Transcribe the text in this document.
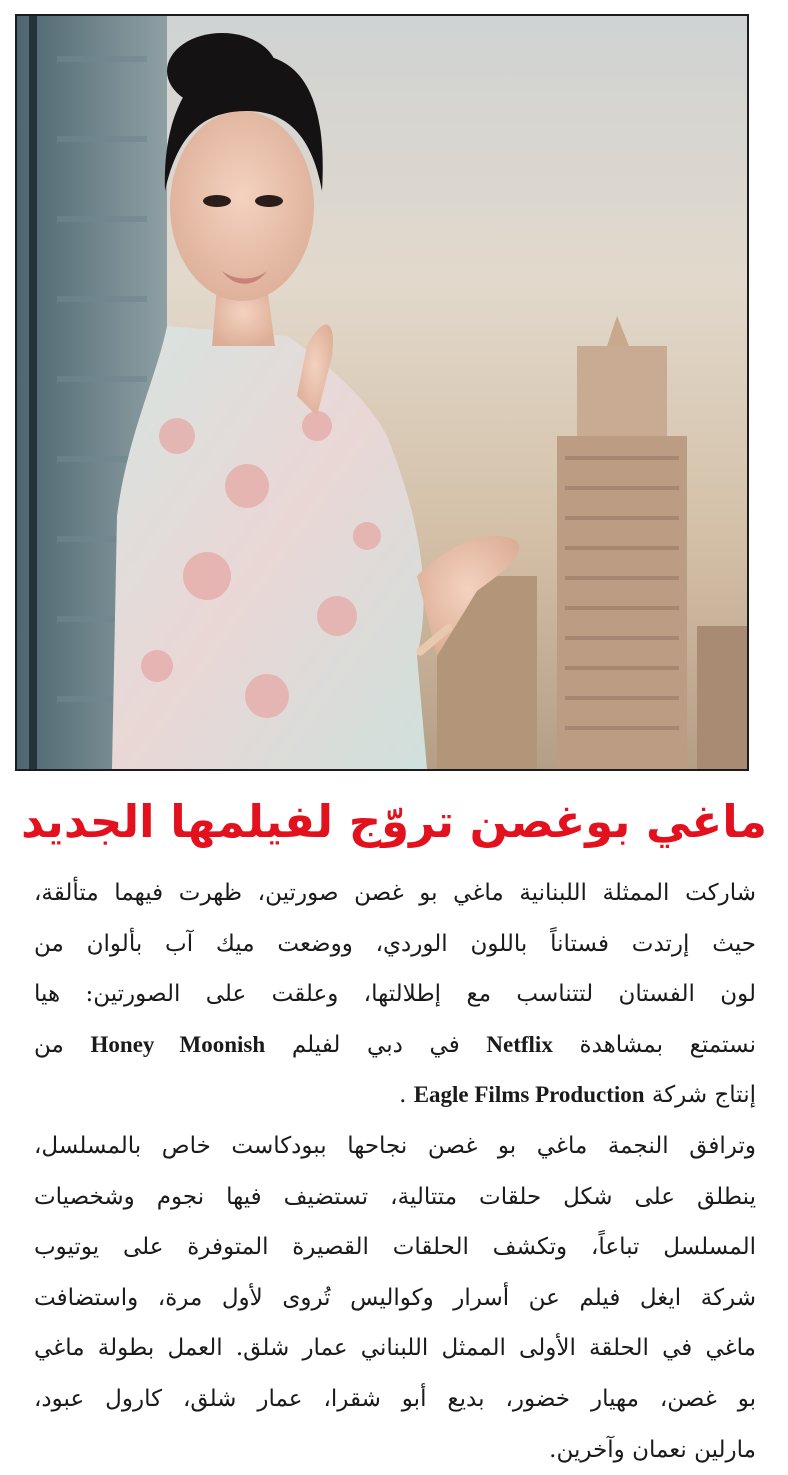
ماغي بوغصن تروّج لفيلمها الجديد

شاركت الممثلة اللبنانية ماغي بو غصن صورتين، ظهرت فيهما متألقة،
حيث إرتدت فستاناً باللون الوردي، ووضعت ميك آب بألوان من
لون الفستان لتتناسب مع إطلالتها، وعلقت على الصورتين: هيا
نستمتع بمشاهدة Netflix في دبي لفيلم Honey Moonish من
إنتاج شركة Eagle Films Production .

وترافق النجمة ماغي بو غصن نجاحها ببودكاست خاص بالمسلسل،
ينطلق على شكل حلقات متتالية، تستضيف فيها نجوم وشخصيات
المسلسل تباعاً، وتكشف الحلقات القصيرة المتوفرة على يوتيوب
شركة ايغل فيلم عن أسرار وكواليس تُروى لأول مرة، واستضافت
ماغي في الحلقة الأولى الممثل اللبناني عمار شلق. العمل بطولة ماغي
بو غصن، مهيار خضور، بديع أبو شقرا، عمار شلق، كارول عبود،
مارلين نعمان وآخرين.
